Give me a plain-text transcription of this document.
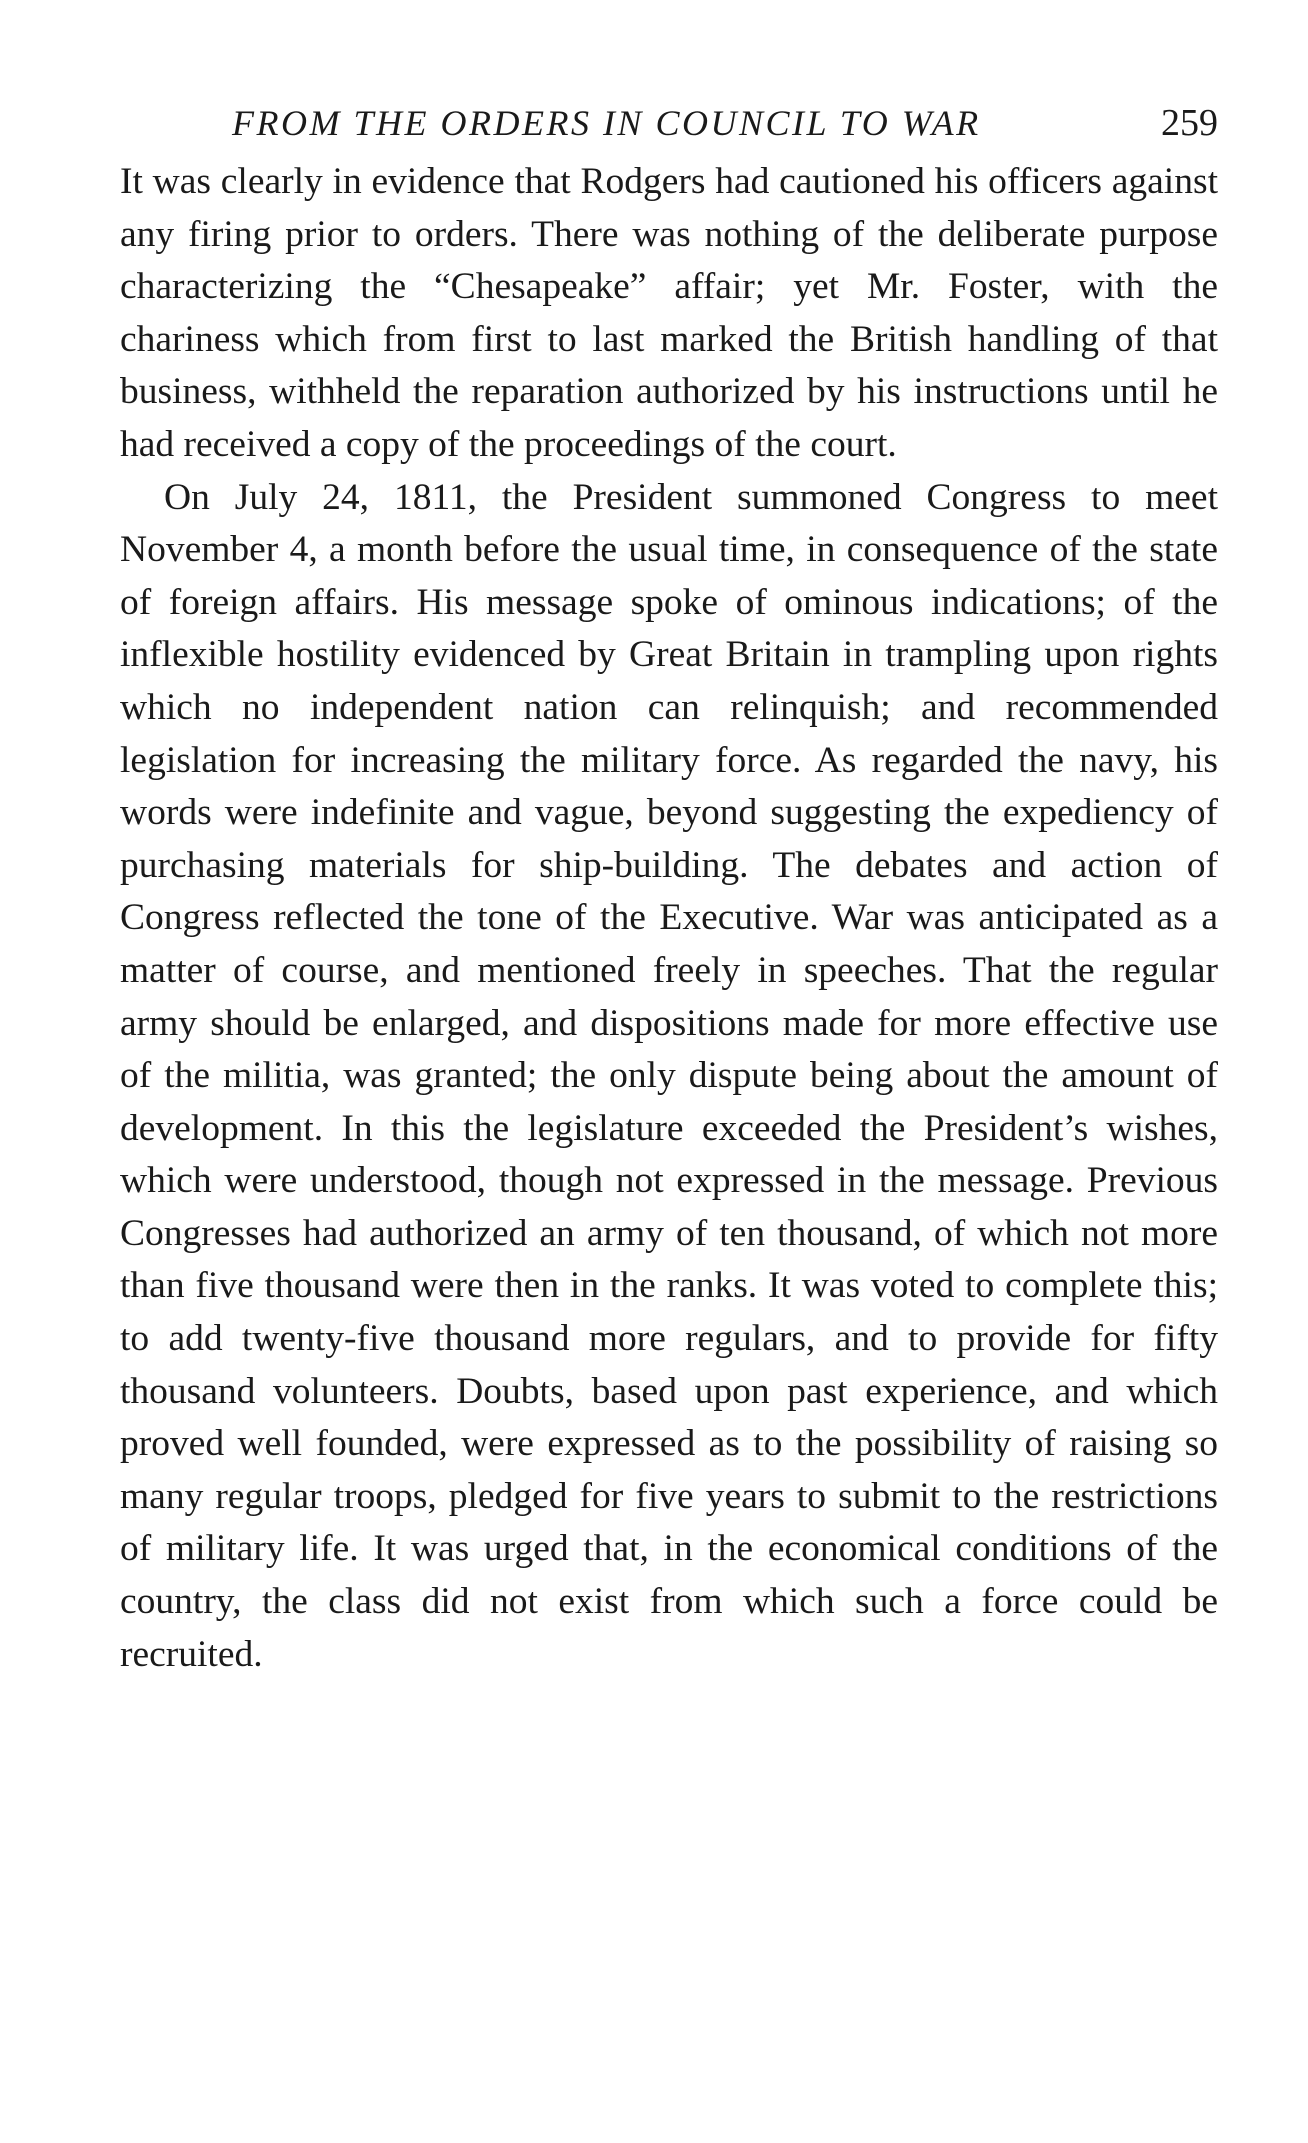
FROM THE ORDERS IN COUNCIL TO WAR	259

It was clearly in evidence that Rodgers had cautioned his officers against any firing prior to orders. There was nothing of the deliberate purpose characterizing the “Chesapeake” affair; yet Mr. Foster, with the chariness which from first to last marked the British handling of that business, withheld the reparation authorized by his instructions until he had received a copy of the proceedings of the court.

On July 24, 1811, the President summoned Congress to meet November 4, a month before the usual time, in consequence of the state of foreign affairs. His message spoke of ominous indications; of the inflexible hostility evidenced by Great Britain in trampling upon rights which no independent nation can relinquish; and recommended legislation for increasing the military force. As regarded the navy, his words were indefinite and vague, beyond suggesting the expediency of purchasing materials for ship-building. The debates and action of Congress reflected the tone of the Executive. War was anticipated as a matter of course, and mentioned freely in speeches. That the regular army should be enlarged, and dispositions made for more effective use of the militia, was granted; the only dispute being about the amount of development. In this the legislature exceeded the President’s wishes, which were understood, though not expressed in the message. Previous Congresses had authorized an army of ten thousand, of which not more than five thousand were then in the ranks. It was voted to complete this; to add twenty-five thousand more regulars, and to provide for fifty thousand volunteers. Doubts, based upon past experience, and which proved well founded, were expressed as to the possibility of raising so many regular troops, pledged for five years to submit to the restrictions of military life. It was urged that, in the economical conditions of the country, the class did not exist from which such a force could be recruited.
